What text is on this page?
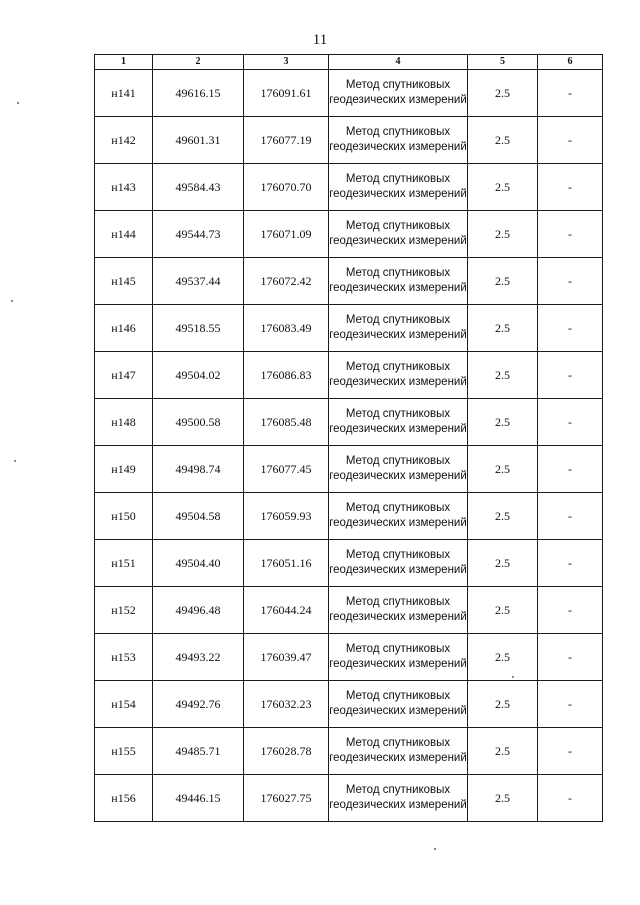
11
1	2	3	4	5	6
н141	49616.15	176091.61	Метод спутниковых геодезических измерений	2.5	-
н142	49601.31	176077.19	Метод спутниковых геодезических измерений	2.5	-
н143	49584.43	176070.70	Метод спутниковых геодезических измерений	2.5	-
н144	49544.73	176071.09	Метод спутниковых геодезических измерений	2.5	-
н145	49537.44	176072.42	Метод спутниковых геодезических измерений	2.5	-
н146	49518.55	176083.49	Метод спутниковых геодезических измерений	2.5	-
н147	49504.02	176086.83	Метод спутниковых геодезических измерений	2.5	-
н148	49500.58	176085.48	Метод спутниковых геодезических измерений	2.5	-
н149	49498.74	176077.45	Метод спутниковых геодезических измерений	2.5	-
н150	49504.58	176059.93	Метод спутниковых геодезических измерений	2.5	-
н151	49504.40	176051.16	Метод спутниковых геодезических измерений	2.5	-
н152	49496.48	176044.24	Метод спутниковых геодезических измерений	2.5	-
н153	49493.22	176039.47	Метод спутниковых геодезических измерений	2.5	-
н154	49492.76	176032.23	Метод спутниковых геодезических измерений	2.5	-
н155	49485.71	176028.78	Метод спутниковых геодезических измерений	2.5	-
н156	49446.15	176027.75	Метод спутниковых геодезических измерений	2.5	-
